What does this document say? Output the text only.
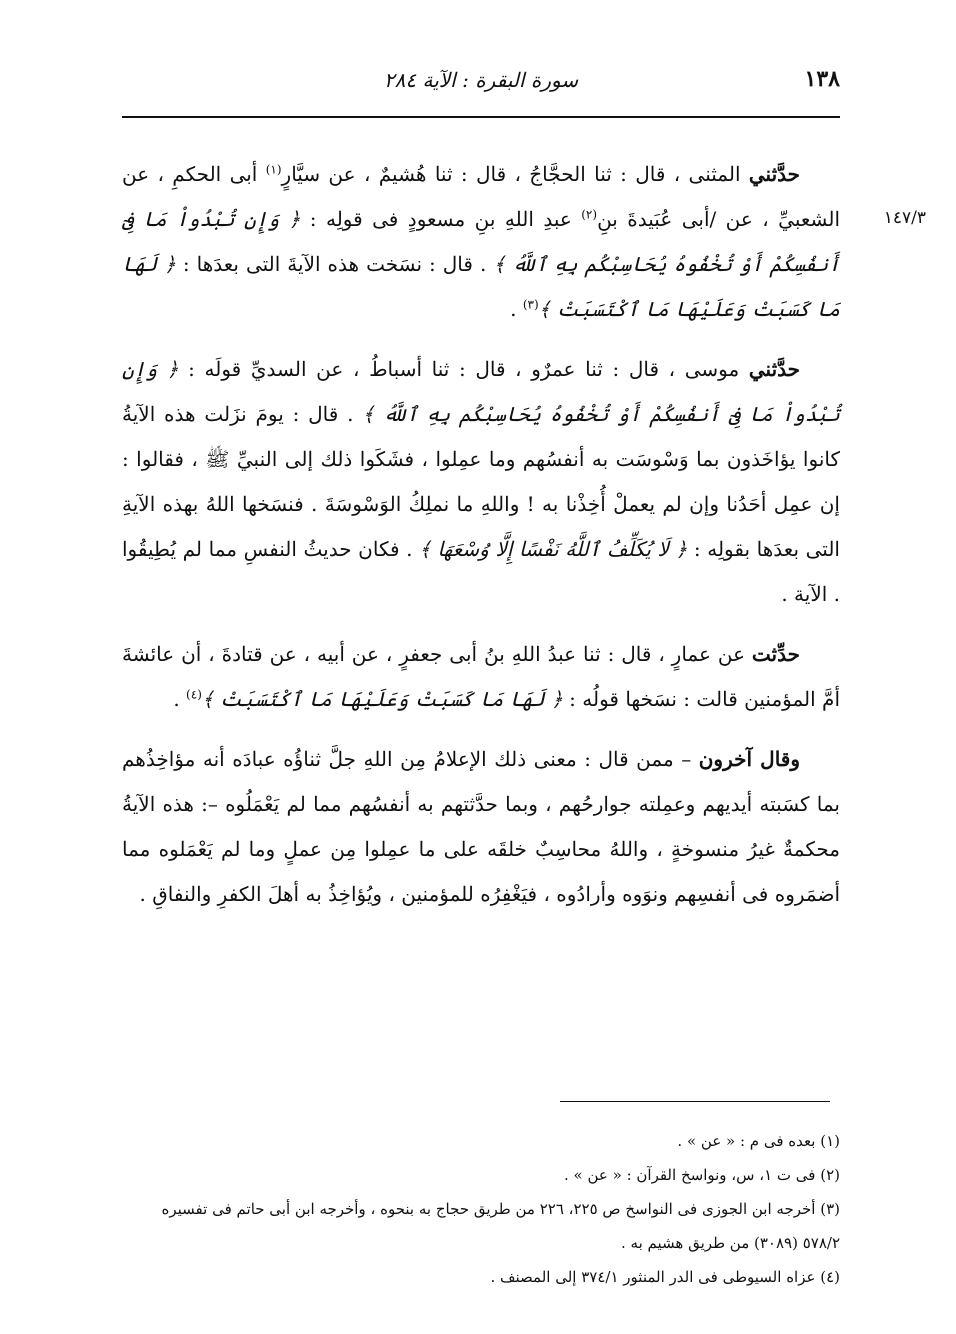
١٣٨
سورة البقرة : الآية ٢٨٤
١٤٧/٣

حدَّثني المثنى ، قال : ثنا الحجَّاجُ ، قال : ثنا هُشيمٌ ، عن سيَّارٍ$^{(١)}$ أبى الحكمِ ، عن الشعبيِّ ، عن /أبى عُبَيدةَ بنِ$^{(٢)}$ عبدِ اللهِ بنِ مسعودٍ فى قولِه : ﴿ وَإِن تُبْدُواْ مَا فِىٓ أَنفُسِكُمْ أَوْ تُخْفُوهُ يُحَاسِبْكُم بِهِ ٱللَّهُ ﴾ . قال : نسَخت هذه الآيةَ التى بعدَها : ﴿ لَهَا مَا كَسَبَتْ وَعَلَيْهَا مَا ٱكْتَسَبَتْ ﴾$^{(٣)}$ .

حدَّثني موسى ، قال : ثنا عمرٌو ، قال : ثنا أسباطُ ، عن السديِّ قولَه : ﴿ وَإِن تُبْدُواْ مَا فِىٓ أَنفُسِكُمْ أَوْ تُخْفُوهُ يُحَاسِبْكُم بِهِ ٱللَّهُ ﴾ . قال : يومَ نزَلت هذه الآيةُ كانوا يؤاخَذون بما وَسْوسَت به أنفسُهم وما عمِلوا ، فشَكَوا ذلك إلى النبيِّ ﷺ ، فقالوا : إن عمِل أحَدُنا وإن لم يعملْ أُخِذْنا به ! واللهِ ما نملِكُ الوَسْوسَةَ . فنسَخها اللهُ بهذه الآيةِ التى بعدَها بقولِه : ﴿ لَا يُكَلِّفُ ٱللَّهُ نَفْسًا إِلَّا وُسْعَهَا ﴾ . فكان حديثُ النفسِ مما لم يُطِيقُوا . الآية .

حدِّثت عن عمارٍ ، قال : ثنا عبدُ اللهِ بنُ أبى جعفرٍ ، عن أبيه ، عن قتادةَ ، أن عائشةَ أمَّ المؤمنين قالت : نسَخها قولُه : ﴿ لَهَا مَا كَسَبَتْ وَعَلَيْهَا مَا ٱكْتَسَبَتْ ﴾$^{(٤)}$ .

وقال آخرون – ممن قال : معنى ذلك الإعلامُ مِن اللهِ جلَّ ثناؤُه عبادَه أنه مؤاخِذُهم بما كسَبته أيديهم وعمِلته جوارحُهم ، وبما حدَّثتهم به أنفسُهم مما لم يَعْمَلُوه –: هذه الآيةُ محكمةٌ غيرُ منسوخةٍ ، واللهُ محاسِبٌ خلقَه على ما عمِلوا مِن عملٍ وما لم يَعْمَلوه مما أضمَروه فى أنفسِهم ونوَوه وأرادُوه ، فيَغْفِرُه للمؤمنين ، ويُؤاخِذُ به أهلَ الكفرِ والنفاقِ .

(١) بعده فى م : « عن » .

(٢) فى ت ١، س، ونواسخ القرآن : « عن » .

(٣) أخرجه ابن الجوزى فى النواسخ ص ٢٢٥، ٢٢٦ من طريق حجاج به بنحوه ، وأخرجه ابن أبى حاتم فى تفسيره ٥٧٨/٢ (٣٠٨٩) من طريق هشيم به .

(٤) عزاه السيوطى فى الدر المنثور ٣٧٤/١ إلى المصنف .
